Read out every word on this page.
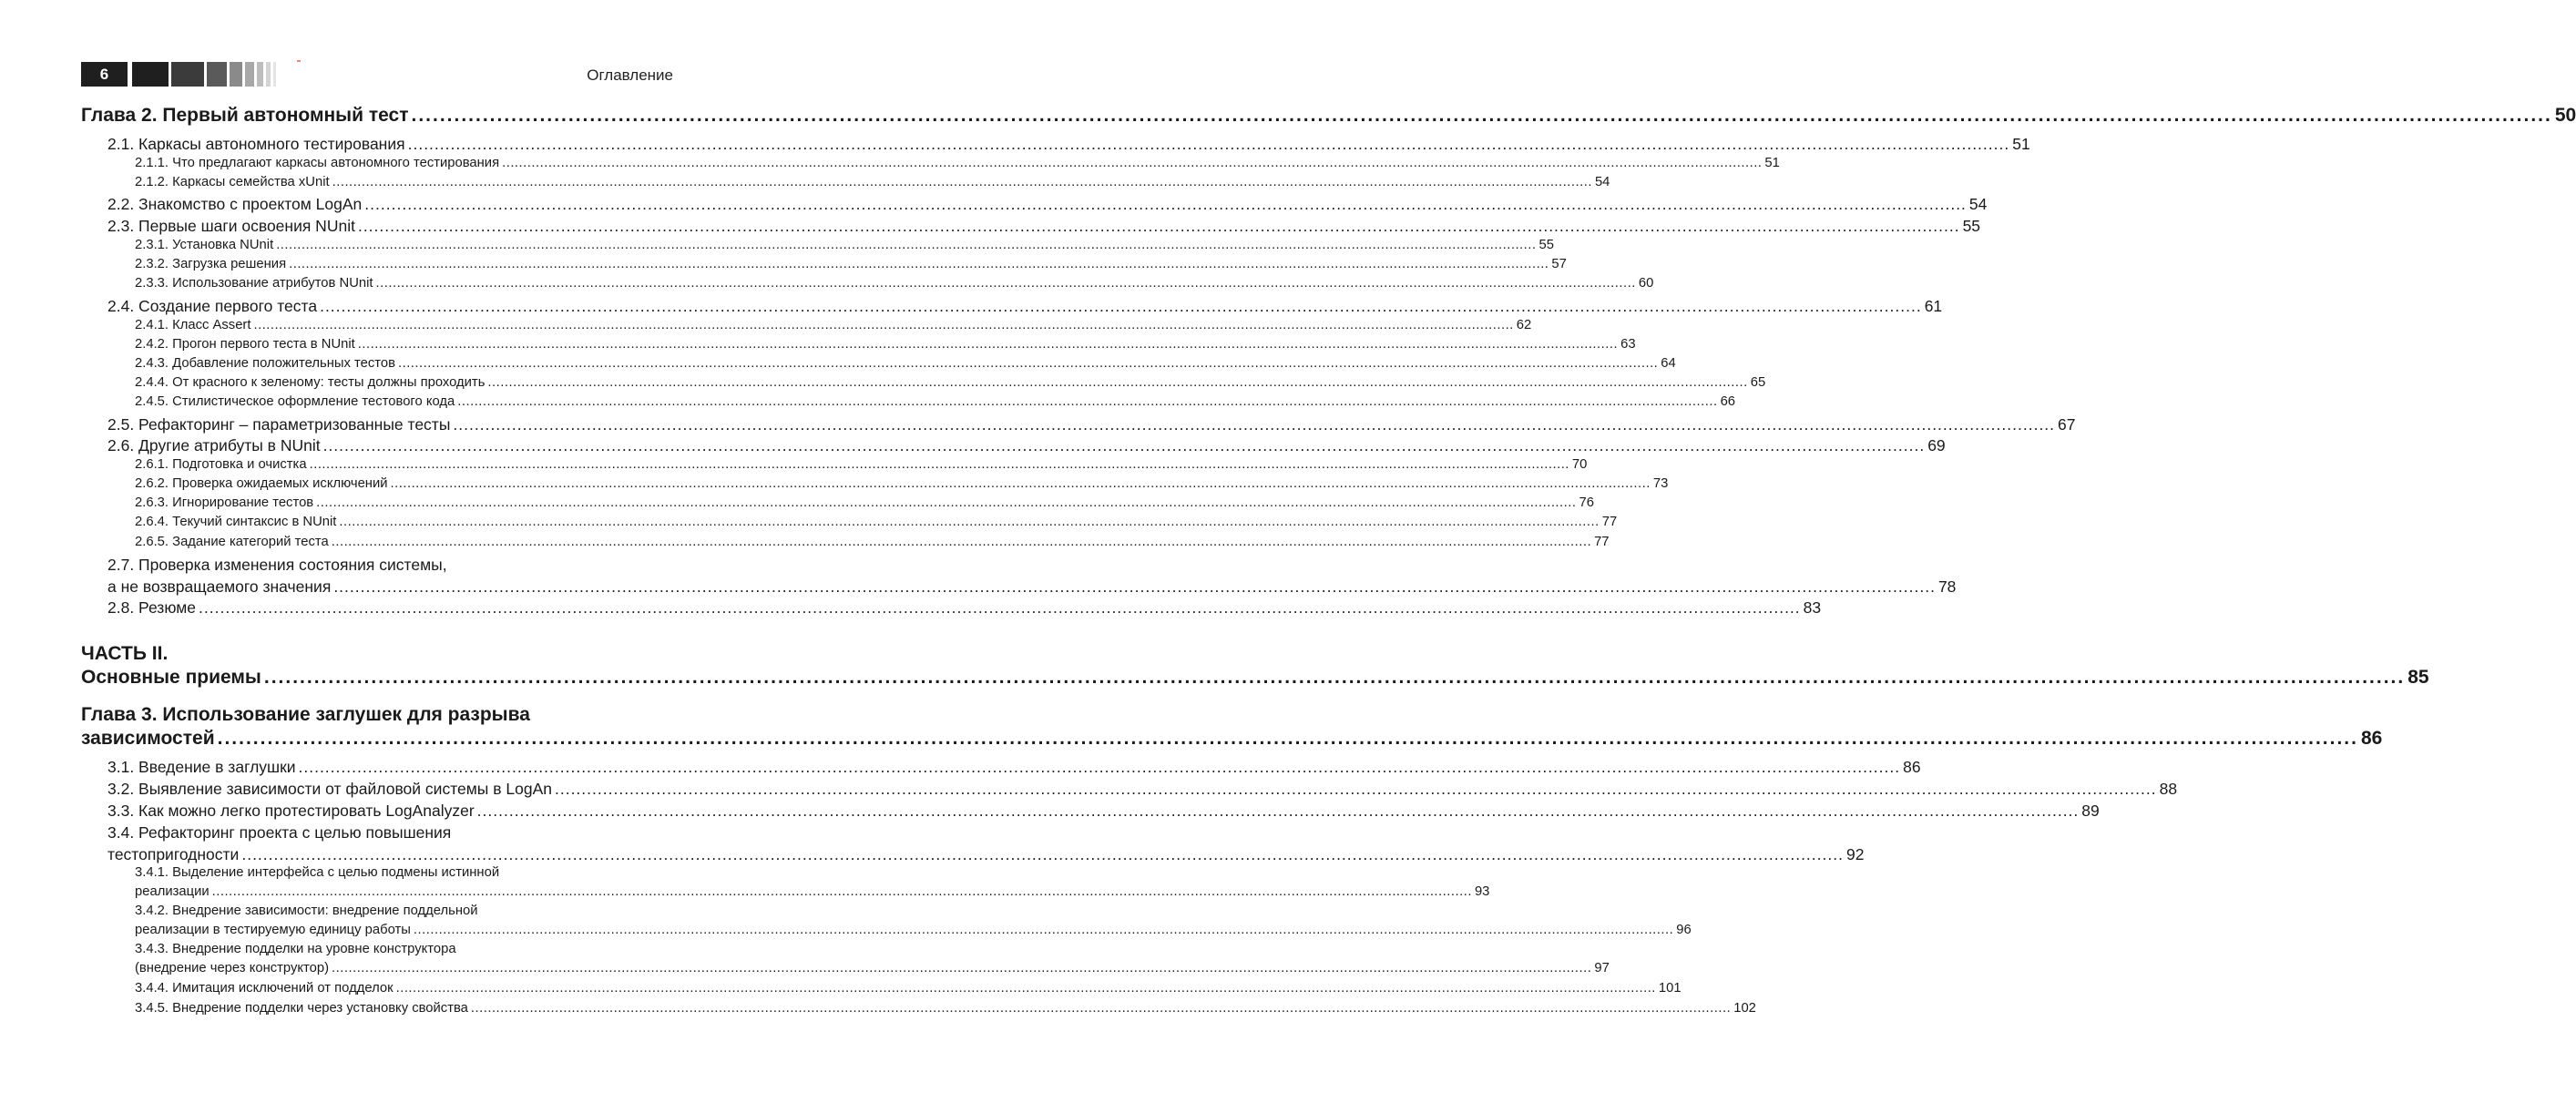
6	Оглавление
Глава 2. Первый автономный тест ............................................................................................................................................................................................................................................................................................................ 50
2.1. Каркасы автономного тестирования ............................................................................................................................................................................................................................................................................................................ 51
2.1.1. Что предлагают каркасы автономного тестирования ............................................................................................................................................................................................................................................................................................................ 51
2.1.2. Каркасы семейства xUnit ............................................................................................................................................................................................................................................................................................................ 54
2.2. Знакомство с проектом LogAn ............................................................................................................................................................................................................................................................................................................ 54
2.3. Первые шаги освоения NUnit ............................................................................................................................................................................................................................................................................................................ 55
2.3.1. Установка NUnit ............................................................................................................................................................................................................................................................................................................ 55
2.3.2. Загрузка решения ............................................................................................................................................................................................................................................................................................................ 57
2.3.3. Использование атрибутов NUnit ............................................................................................................................................................................................................................................................................................................ 60
2.4. Создание первого теста ............................................................................................................................................................................................................................................................................................................ 61
2.4.1. Класс Assert ............................................................................................................................................................................................................................................................................................................ 62
2.4.2. Прогон первого теста в NUnit ............................................................................................................................................................................................................................................................................................................ 63
2.4.3. Добавление положительных тестов ............................................................................................................................................................................................................................................................................................................ 64
2.4.4. От красного к зеленому: тесты должны проходить ............................................................................................................................................................................................................................................................................................................ 65
2.4.5. Стилистическое оформление тестового кода ............................................................................................................................................................................................................................................................................................................ 66
2.5. Рефакторинг – параметризованные тесты ............................................................................................................................................................................................................................................................................................................ 67
2.6. Другие атрибуты в NUnit ............................................................................................................................................................................................................................................................................................................ 69
2.6.1. Подготовка и очистка ............................................................................................................................................................................................................................................................................................................ 70
2.6.2. Проверка ожидаемых исключений ............................................................................................................................................................................................................................................................................................................ 73
2.6.3. Игнорирование тестов ............................................................................................................................................................................................................................................................................................................ 76
2.6.4. Текучий синтаксис в NUnit ............................................................................................................................................................................................................................................................................................................ 77
2.6.5. Задание категорий теста ............................................................................................................................................................................................................................................................................................................ 77
2.7. Проверка изменения состояния системы,
а не возвращаемого значения ............................................................................................................................................................................................................................................................................................................ 78
2.8. Резюме ............................................................................................................................................................................................................................................................................................................ 83
ЧАСТЬ II.
Основные приемы ............................................................................................................................................................................................................................................................................................................ 85
Глава 3. Использование заглушек для разрыва
зависимостей ............................................................................................................................................................................................................................................................................................................ 86
3.1. Введение в заглушки ............................................................................................................................................................................................................................................................................................................ 86
3.2. Выявление зависимости от файловой системы в LogAn ............................................................................................................................................................................................................................................................................................................ 88
3.3. Как можно легко протестировать LogAnalyzer ............................................................................................................................................................................................................................................................................................................ 89
3.4. Рефакторинг проекта с целью повышения
тестопригодности ............................................................................................................................................................................................................................................................................................................ 92
3.4.1. Выделение интерфейса с целью подмены истинной
реализации ............................................................................................................................................................................................................................................................................................................ 93
3.4.2. Внедрение зависимости: внедрение поддельной
реализации в тестируемую единицу работы ............................................................................................................................................................................................................................................................................................................ 96
3.4.3. Внедрение подделки на уровне конструктора
(внедрение через конструктор) ............................................................................................................................................................................................................................................................................................................ 97
3.4.4. Имитация исключений от подделок ............................................................................................................................................................................................................................................................................................................ 101
3.4.5. Внедрение подделки через установку свойства ............................................................................................................................................................................................................................................................................................................ 102
